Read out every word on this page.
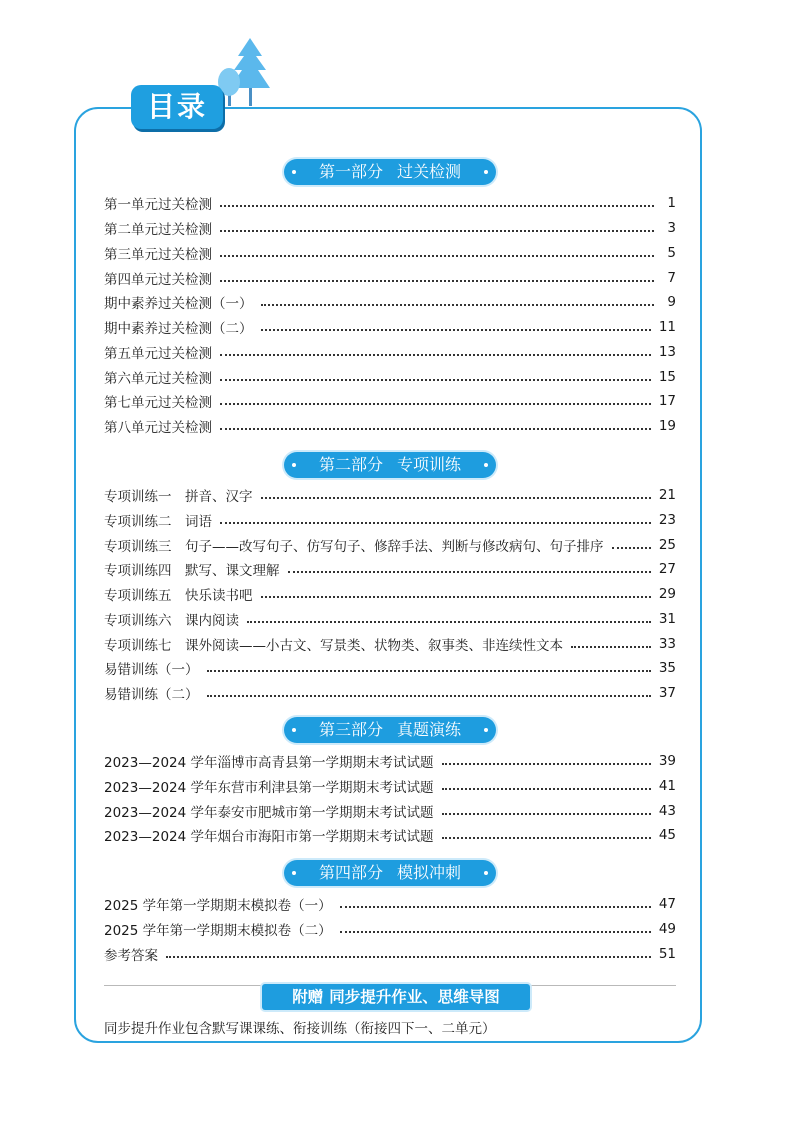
目录
第一部分 过关检测
第一单元过关检测	1
第二单元过关检测	3
第三单元过关检测	5
第四单元过关检测	7
期中素养过关检测（一）	9
期中素养过关检测（二）	11
第五单元过关检测	13
第六单元过关检测	15
第七单元过关检测	17
第八单元过关检测	19
第二部分 专项训练
专项训练一　拼音、汉字	21
专项训练二　词语	23
专项训练三　句子——改写句子、仿写句子、修辞手法、判断与修改病句、句子排序	25
专项训练四　默写、课文理解	27
专项训练五　快乐读书吧	29
专项训练六　课内阅读	31
专项训练七　课外阅读——小古文、写景类、状物类、叙事类、非连续性文本	33
易错训练（一）	35
易错训练（二）	37
第三部分 真题演练
2023—2024 学年淄博市高青县第一学期期末考试试题	39
2023—2024 学年东营市利津县第一学期期末考试试题	41
2023—2024 学年泰安市肥城市第一学期期末考试试题	43
2023—2024 学年烟台市海阳市第一学期期末考试试题	45
第四部分 模拟冲刺
2025 学年第一学期期末模拟卷（一）	47
2025 学年第一学期期末模拟卷（二）	49
参考答案	51
附赠 同步提升作业、思维导图
同步提升作业包含默写课课练、衔接训练（衔接四下一、二单元）
